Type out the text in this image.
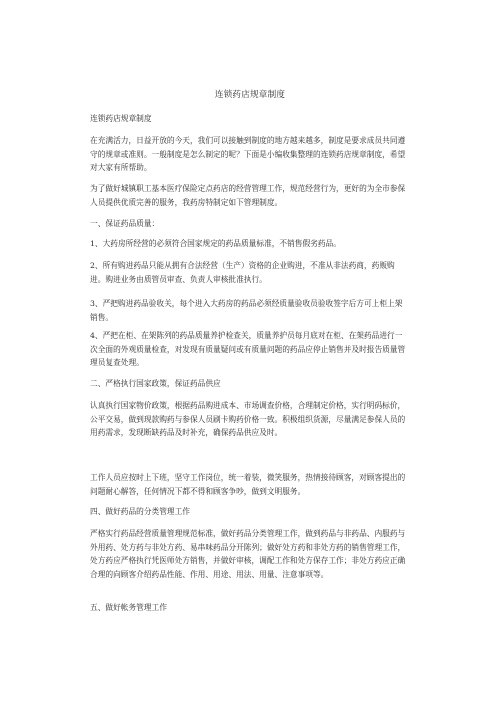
连锁药店规章制度
连锁药店规章制度
在充满活力，日益开放的今天，我们可以接触到制度的地方越来越多，制度是要求成员共同遵守的规章或准则。一般制度是怎么制定的呢？下面是小编收集整理的连锁药店规章制度，希望对大家有所帮助。
为了做好城镇职工基本医疗保险定点药店的经营管理工作，规范经营行为，更好的为全市参保人员提供优质完善的服务，我药房特制定如下管理制度。
一、保证药品质量：
1、大药房所经营的必须符合国家规定的药品质量标准，不销售假劣药品。
2、所有购进药品只能从拥有合法经营（生产）资格的企业购进，不准从非法药商，药贩购进。购进业务由质管员审查、负责人审核批准执行。
3、严把购进药品验收关，每个进入大药房的药品必须经质量验收员验收签字后方可上柜上架销售。
4、严把在柜、在架陈列的药品质量养护检查关，质量养护员每月底对在柜、在架药品进行一次全面的外观质量检查，对发现有质量疑问或有质量问题的药品应停止销售并及时报告质量管理员复查处理。
二、严格执行国家政策，保证药品供应
认真执行国家物价政策，根据药品购进成本、市场调查价格，合理制定价格，实行明码标价，公平交易，做到现款购药与参保人员刷卡购药价格一致。积极组织货源，尽量满足参保人员的用药需求，发现断缺药品及时补充，确保药品供应及时。
工作人员应按时上下班，坚守工作岗位，统一着装，微笑服务，热情接待顾客，对顾客提出的问题耐心解答，任何情况下都不得和顾客争吵，做到文明服务。
四、做好药品的分类管理工作
严格实行药品经营质量管理规范标准，做好药品分类管理工作，做到药品与非药品、内服药与外用药、处方药与非处方药、易串味药品分开陈列；做好处方药和非处方药的销售管理工作，处方药应严格执行凭医师处方销售，并做好审核，调配工作和处方保存工作；非处方药应正确合理的向顾客介绍药品性能、作用、用途、用法、用量、注意事项等。
五、做好帐务管理工作
